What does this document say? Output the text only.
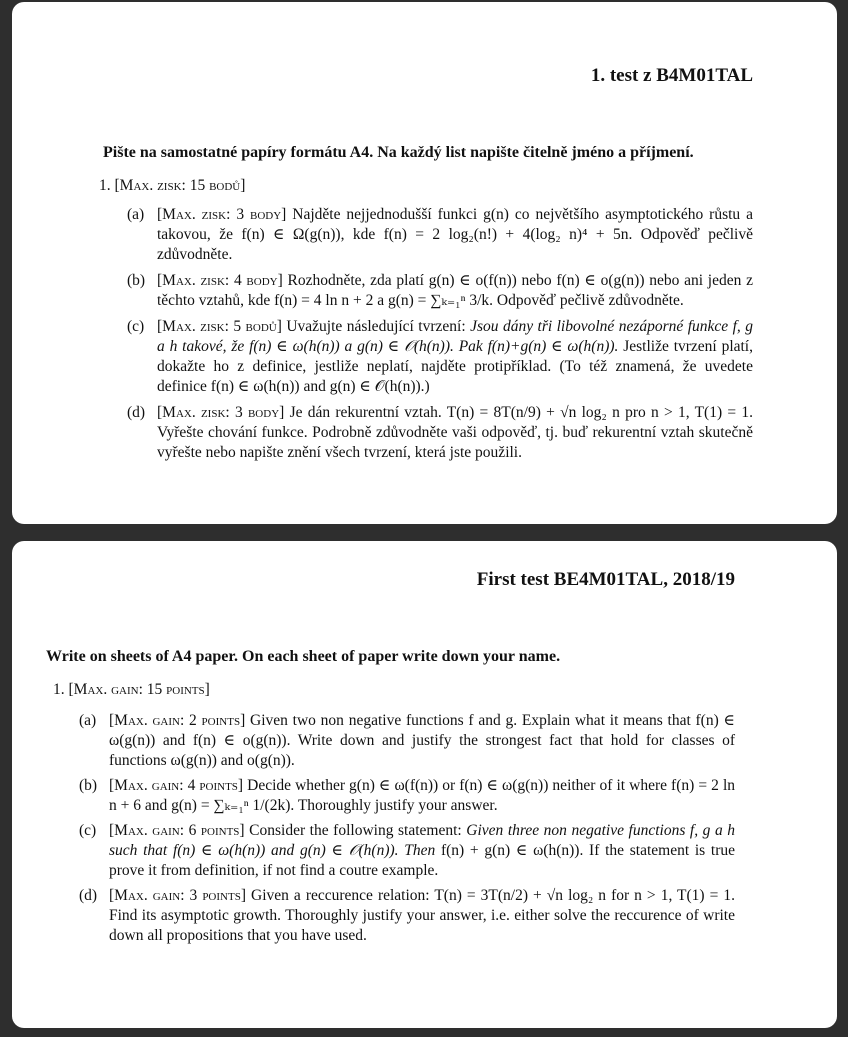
1. test z B4M01TAL

Pište na samostatné papíry formátu A4. Na každý list napište čitelně jméno a příjmení.

1. [Max. zisk: 15 bodů]

(a) [Max. zisk: 3 body] Najděte nejjednodušší funkci g(n) co největšího asymptotického růstu a takovou, že f(n) ∈ Ω(g(n)), kde f(n) = 2 log₂(n!) + 4(log₂ n)⁴ + 5n. Odpověď pečlivě zdůvodněte.
(b) [Max. zisk: 4 body] Rozhodněte, zda platí g(n) ∈ o(f(n)) nebo f(n) ∈ o(g(n)) nebo ani jeden z těchto vztahů, kde f(n) = 4 ln n + 2 a g(n) = ∑ₖ₌₁ⁿ 3/k. Odpověď pečlivě zdůvodněte.
(c) [Max. zisk: 5 bodů] Uvažujte následující tvrzení: Jsou dány tři libovolné nezáporné funkce f, g a h takové, že f(n) ∈ ω(h(n)) a g(n) ∈ 𝒪(h(n)). Pak f(n)+g(n) ∈ ω(h(n)). Jestliže tvrzení platí, dokažte ho z definice, jestliže neplatí, najděte protipříklad. (To též znamená, že uvedete definice f(n) ∈ ω(h(n)) and g(n) ∈ 𝒪(h(n)).)
(d) [Max. zisk: 3 body] Je dán rekurentní vztah. T(n) = 8T(n/9) + √n log₂ n pro n > 1, T(1) = 1. Vyřešte chování funkce. Podrobně zdůvodněte vaši odpověď, tj. buď rekurentní vztah skutečně vyřešte nebo napište znění všech tvrzení, která jste použili.
First test BE4M01TAL, 2018/19

Write on sheets of A4 paper. On each sheet of paper write down your name.

1. [Max. gain: 15 points]

(a) [Max. gain: 2 points] Given two non negative functions f and g. Explain what it means that f(n) ∈ ω(g(n)) and f(n) ∈ o(g(n)). Write down and justify the strongest fact that hold for classes of functions ω(g(n)) and o(g(n)).
(b) [Max. gain: 4 points] Decide whether g(n) ∈ ω(f(n)) or f(n) ∈ ω(g(n)) neither of it where f(n) = 2 ln n + 6 and g(n) = ∑ₖ₌₁ⁿ 1/(2k). Thoroughly justify your answer.
(c) [Max. gain: 6 points] Consider the following statement: Given three non negative functions f, g a h such that f(n) ∈ ω(h(n)) and g(n) ∈ 𝒪(h(n)). Then f(n) + g(n) ∈ ω(h(n)). If the statement is true prove it from definition, if not find a coutre example.
(d) [Max. gain: 3 points] Given a reccurence relation: T(n) = 3T(n/2) + √n log₂ n for n > 1, T(1) = 1. Find its asymptotic growth. Thoroughly justify your answer, i.e. either solve the reccurence of write down all propositions that you have used.
